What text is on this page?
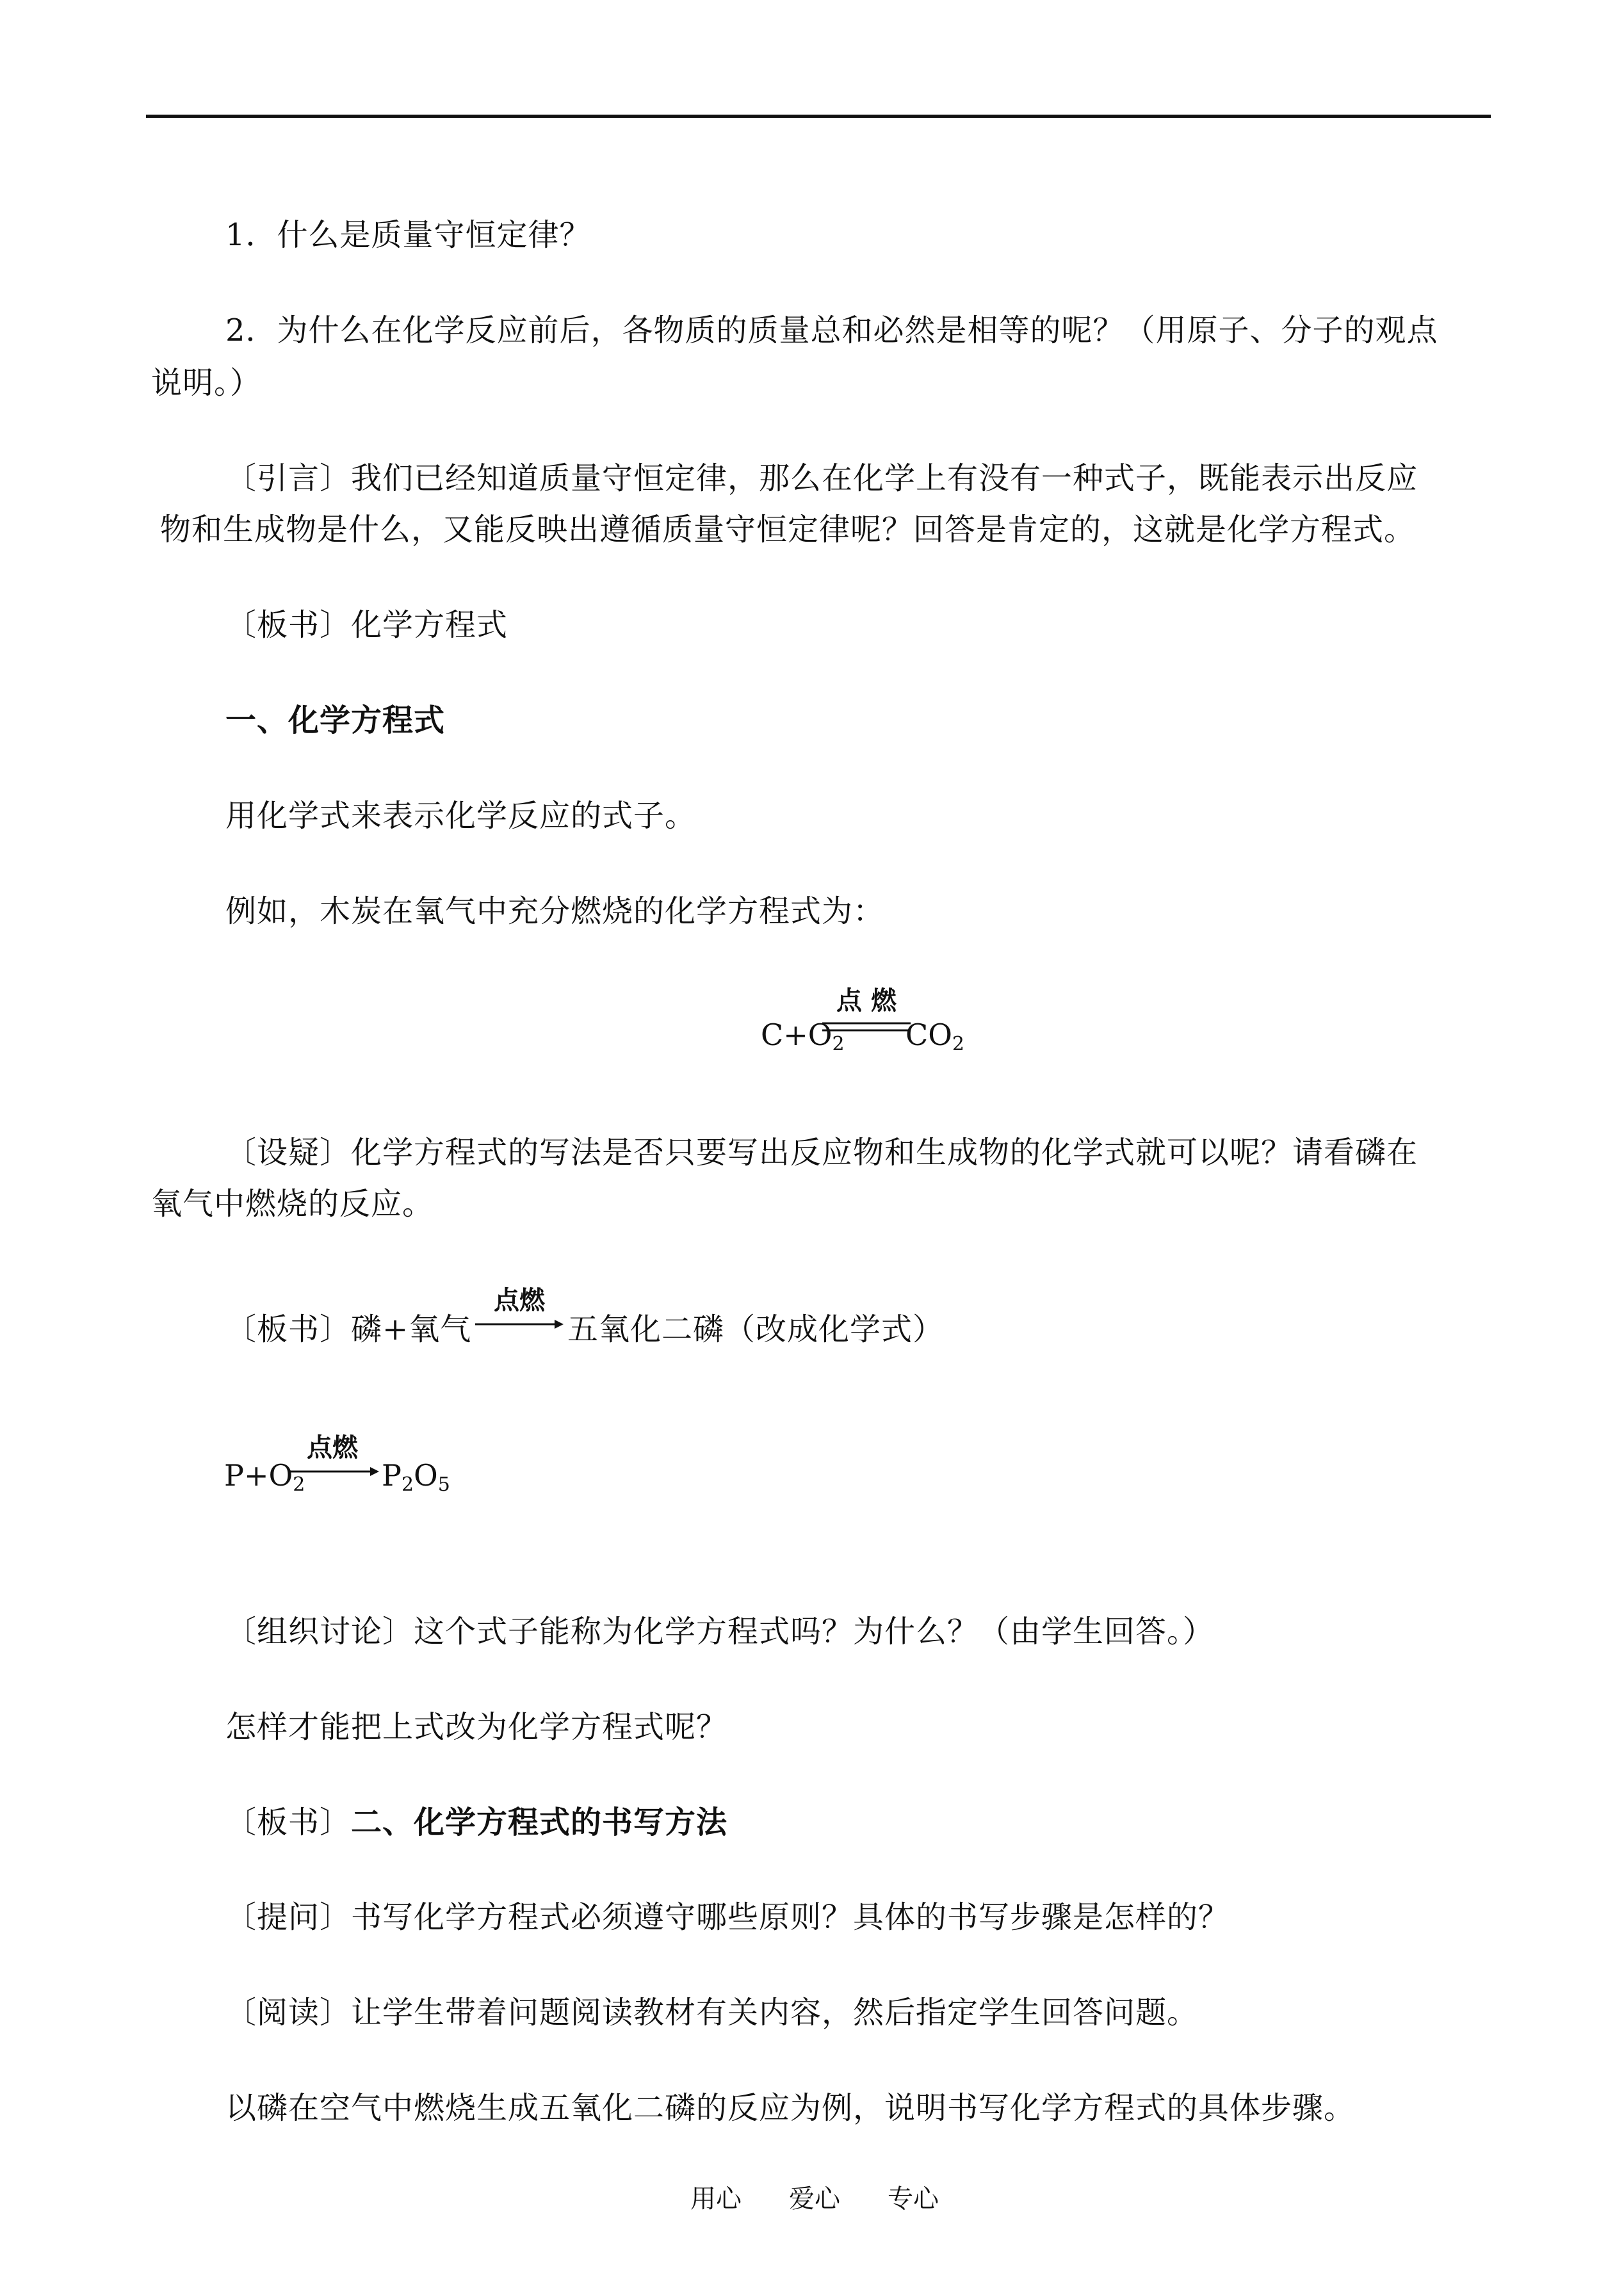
1．什么是质量守恒定律？
2．为什么在化学反应前后，各物质的质量总和必然是相等的呢？（用原子、分子的观点
说明。）
〔引言〕我们已经知道质量守恒定律，那么在化学上有没有一种式子，既能表示出反应
物和生成物是什么，又能反映出遵循质量守恒定律呢？回答是肯定的，这就是化学方程式。
〔板书〕化学方程式
一、化学方程式
用化学式来表示化学反应的式子。
例如，木炭在氧气中充分燃烧的化学方程式为：
$C+O_2$
点 燃
$CO_2$
〔设疑〕化学方程式的写法是否只要写出反应物和生成物的化学式就可以呢？请看磷在
氧气中燃烧的反应。
〔板书〕磷+氧气
点燃
五氧化二磷（改成化学式）
$P+O_2$
点燃
$P_2O_5$
〔组织讨论〕这个式子能称为化学方程式吗？为什么？（由学生回答。）
怎样才能把上式改为化学方程式呢？
〔板书〕二、化学方程式的书写方法
〔提问〕书写化学方程式必须遵守哪些原则？具体的书写步骤是怎样的？
〔阅读〕让学生带着问题阅读教材有关内容，然后指定学生回答问题。
以磷在空气中燃烧生成五氧化二磷的反应为例，说明书写化学方程式的具体步骤。
用心 爱心 专心
